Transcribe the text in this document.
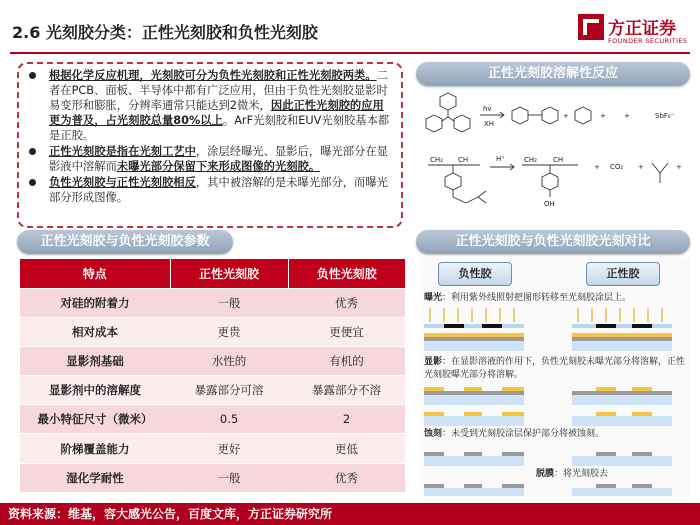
2.6 光刻胶分类：正性光刻胶和负性光刻胶	方正证券
FOUNDER SECURITIES
根据化学反应机理，光刻胶可分为负性光刻胶和正性光刻胶两类。二者在PCB、面板、半导体中都有广泛应用，但由于负性光刻胶显影时易变形和膨胀，分辨率通常只能达到2微米，因此正性光刻胶的应用更为普及，占光刻胶总量80%以上。ArF光刻胶和EUV光刻胶基本都是正胶。
正性光刻胶是指在光刻工艺中，涂层经曝光、显影后，曝光部分在显影液中溶解而未曝光部分保留下来形成图像的光刻胶。
负性光刻胶与正性光刻胶相反，其中被溶解的是未曝光部分，而曝光部分形成图像。
正性光刻胶与负性光刻胶参数
正性光刻胶溶解性反应
正性光刻胶与负性光刻胶光刻对比
特点	正性光刻胶	负性光刻胶
对硅的附着力	一般	优秀
相对成本	更贵	更便宜
显影剂基础	水性的	有机的
显影剂中的溶解度	暴露部分可溶	暴露部分不溶
最小特征尺寸（微米）	0.5	2
阶梯覆盖能力	更好	更低
湿化学耐性	一般	优秀
hv
XH
+	+	+	SbF₆⁻
H⁺
CH₂ CH	CH₂ CH
OH
+ CO₂ +	+
负性胶	正性胶
曝光：利用紫外线照射把图形转移至光刻胶涂层上。
显影：在显影溶液的作用下，负性光刻胶未曝光部分将溶解，正性光刻胶曝光部分将溶解。
蚀刻：未受到光刻胶涂层保护部分将被蚀刻。
脱膜：将光刻胶去
资料来源：维基，容大感光公告，百度文库，方正证券研究所
